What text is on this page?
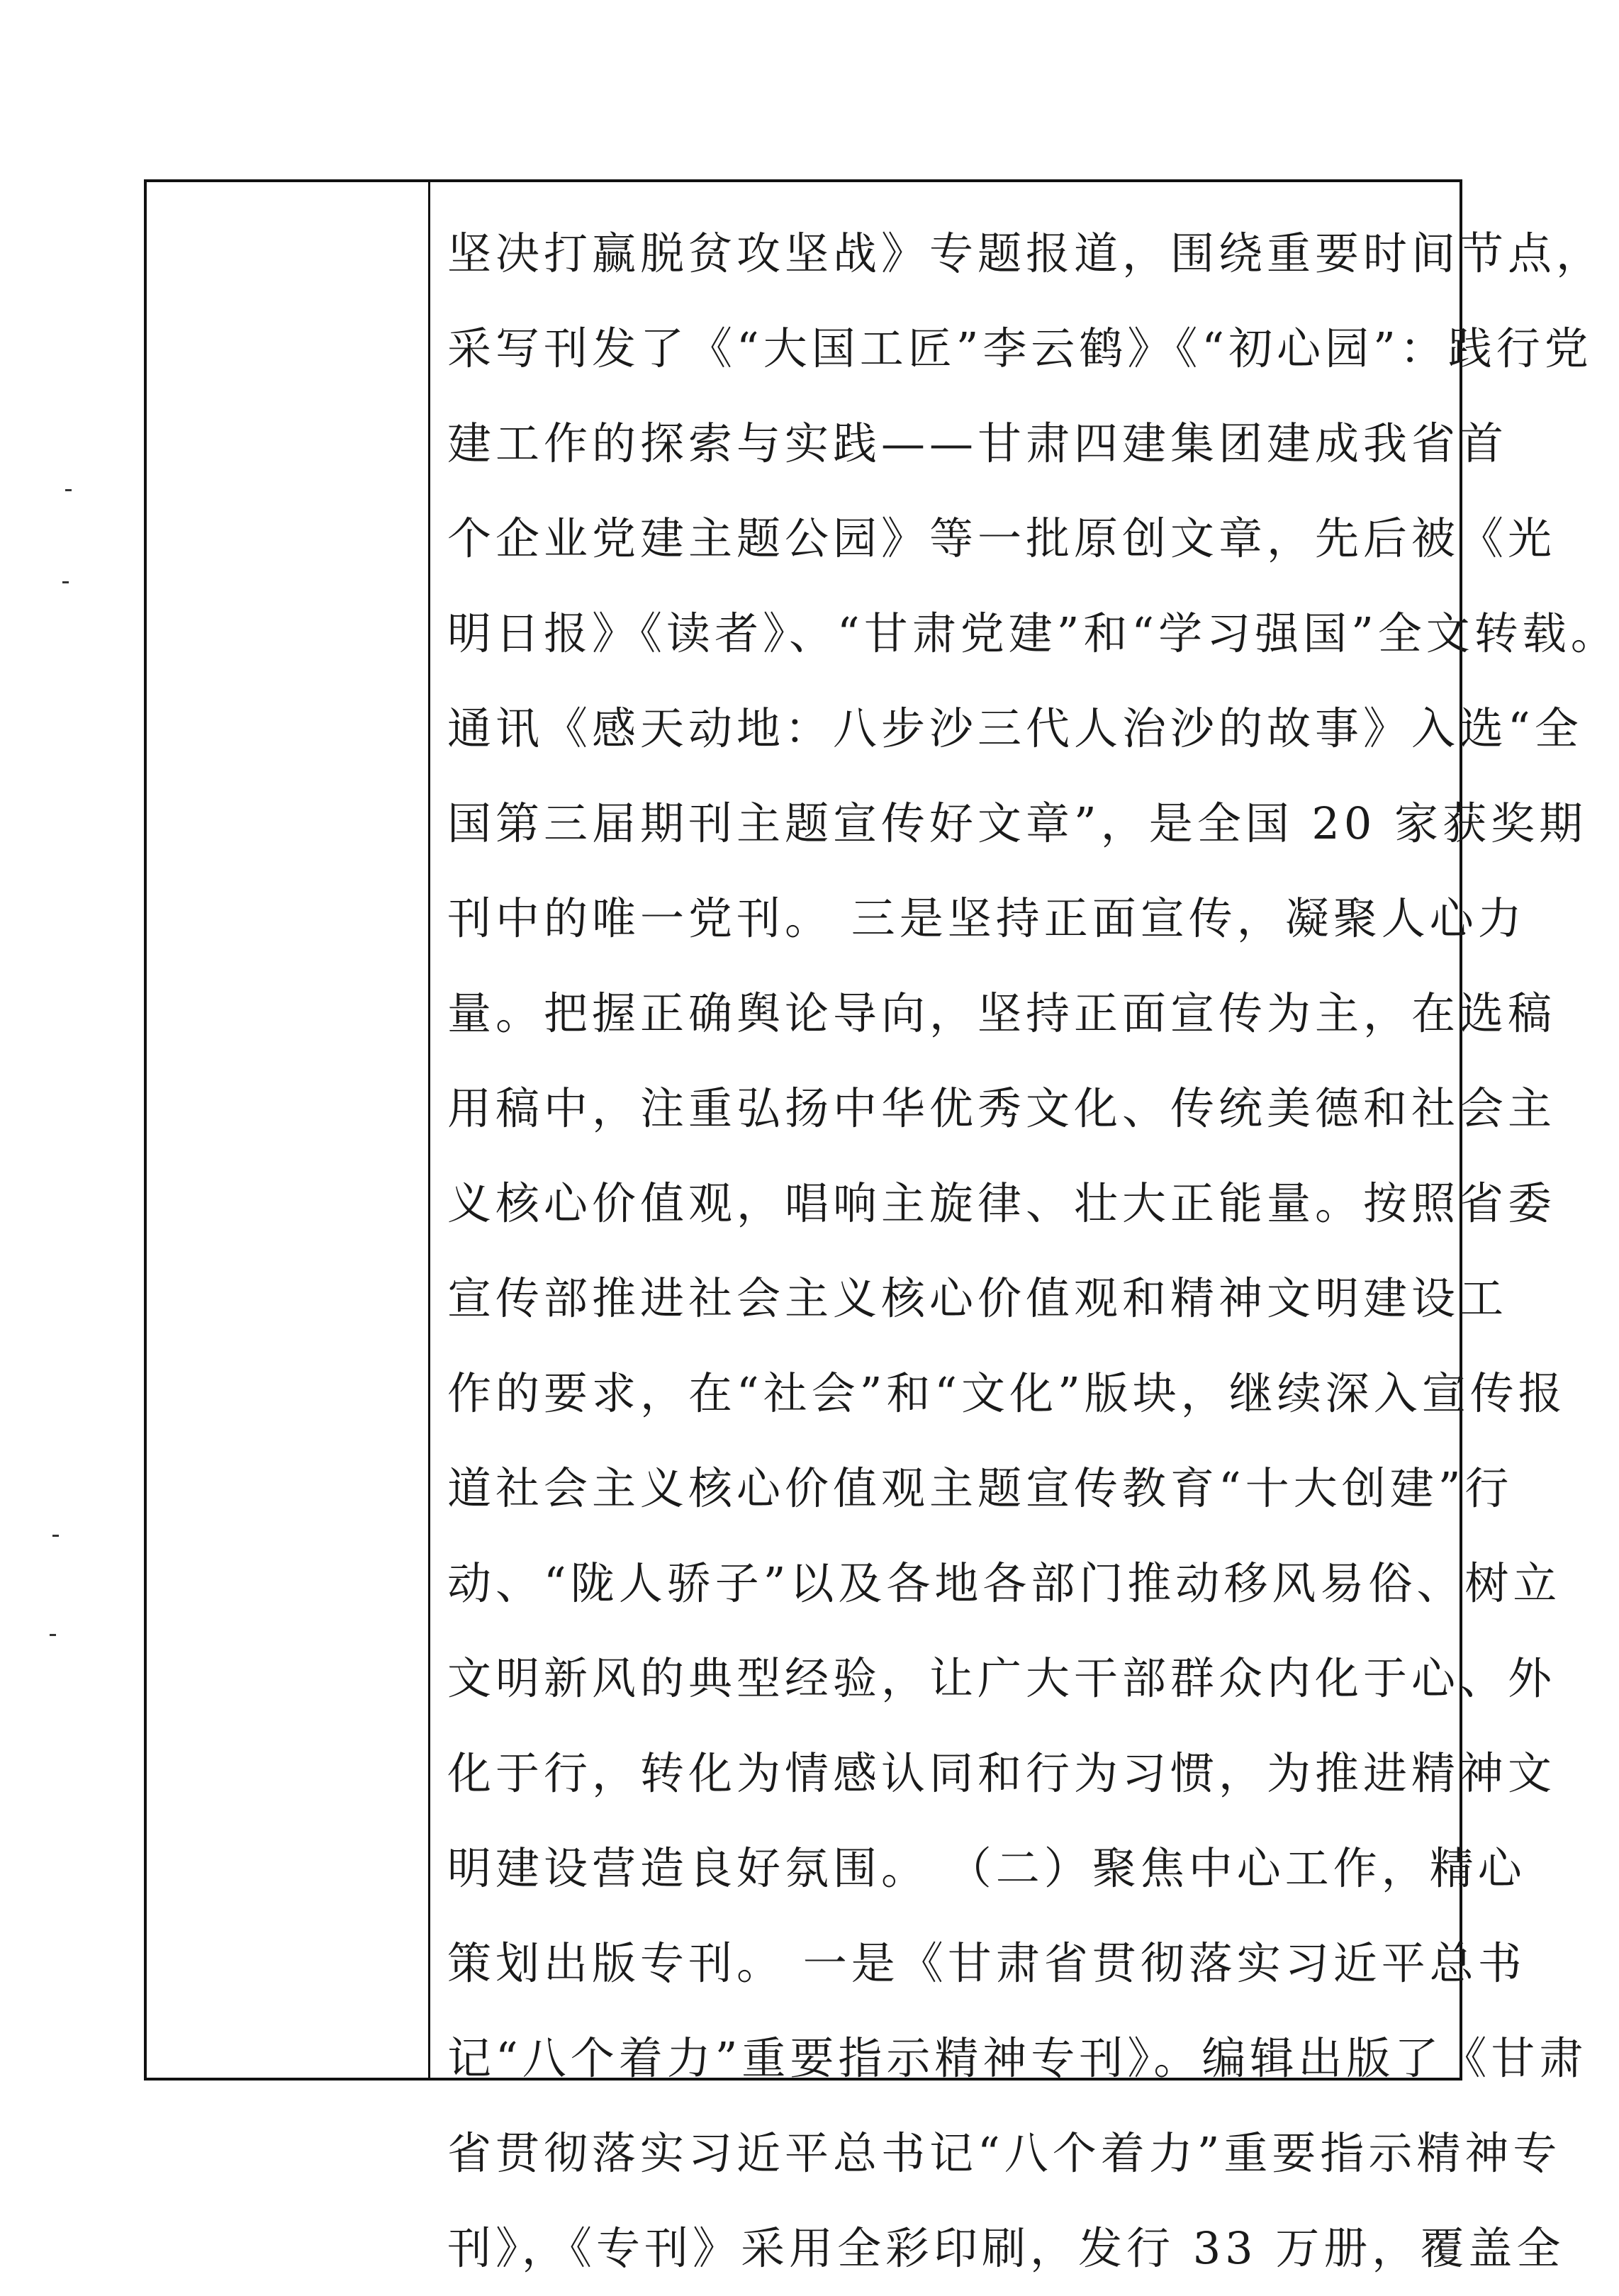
坚决打赢脱贫攻坚战》专题报道，围绕重要时间节点，
采写刊发了《“大国工匠”李云鹤》《“初心园”：践行党
建工作的探索与实践——甘肃四建集团建成我省首
个企业党建主题公园》等一批原创文章，先后被《光
明日报》《读者》、“甘肃党建”和“学习强国”全文转载。
通讯《感天动地：八步沙三代人治沙的故事》入选“全
国第三届期刊主题宣传好文章”，是全国 20 家获奖期
刊中的唯一党刊。 三是坚持正面宣传，凝聚人心力
量。把握正确舆论导向，坚持正面宣传为主，在选稿
用稿中，注重弘扬中华优秀文化、传统美德和社会主
义核心价值观，唱响主旋律、壮大正能量。按照省委
宣传部推进社会主义核心价值观和精神文明建设工
作的要求，在“社会”和“文化”版块，继续深入宣传报
道社会主义核心价值观主题宣传教育“十大创建”行
动、“陇人骄子”以及各地各部门推动移风易俗、树立
文明新风的典型经验，让广大干部群众内化于心、外
化于行，转化为情感认同和行为习惯，为推进精神文
明建设营造良好氛围。 （二）聚焦中心工作，精心
策划出版专刊。 一是《甘肃省贯彻落实习近平总书
记“八个着力”重要指示精神专刊》。编辑出版了《甘肃
省贯彻落实习近平总书记“八个着力”重要指示精神专
刊》，《专刊》采用全彩印刷，发行 33 万册，覆盖全
